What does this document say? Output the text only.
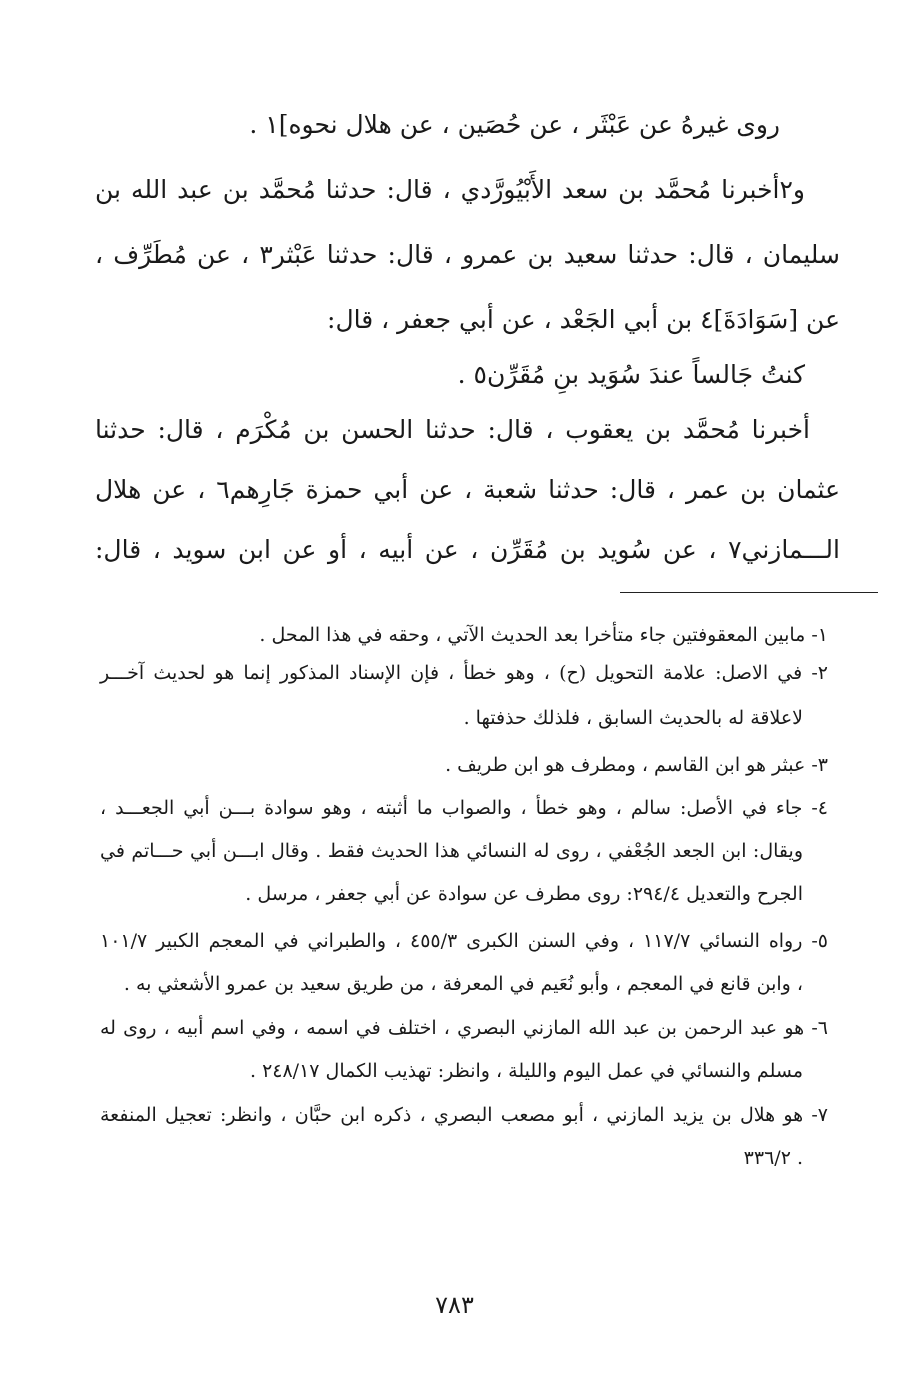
روى غيرهُ عن عَبْثَر ، عن حُصَين ، عن هلال نحوه]١ .
و٢أخبرنا مُحمَّد بن سعد الأَبْيُورَّدي ، قال: حدثنا مُحمَّد بن عبد الله بن
سليمان ، قال: حدثنا سعيد بن عمرو ، قال: حدثنا عَبْثر٣ ، عن مُطَرِّف ،
عن [سَوَادَةَ]٤ بن أبي الجَعْد ، عن أبي جعفر ، قال:
كنتُ جَالساً عندَ سُوَيد بنِ مُقَرِّن٥ .
أخبرنا مُحمَّد بن يعقوب ، قال: حدثنا الحسن بن مُكْرَم ، قال: حدثنا
عثمان بن عمر ، قال: حدثنا شعبة ، عن أبي حمزة جَارِهم٦ ، عن هلال
الـــمازني٧ ، عن سُويد بن مُقَرِّن ، عن أبيه ، أو عن ابن سويد ، قال:
١- مابين المعقوفتين جاء متأخرا بعد الحديث الآتي ، وحقه في هذا المحل .
٢- في الاصل: علامة التحويل (ح) ، وهو خطأ ، فإن الإسناد المذكور إنما هو لحديث آخـــر
لاعلاقة له بالحديث السابق ، فلذلك حذفتها .
٣- عبثر هو ابن القاسم ، ومطرف هو ابن طريف .
٤- جاء في الأصل: سالم ، وهو خطأ ، والصواب ما أثبته ، وهو سوادة بـــن أبي الجعـــد ،
ويقال: ابن الجعد الجُعْفي ، روى له النسائي هذا الحديث فقط . وقال ابـــن أبي حـــاتم في
الجرح والتعديل ٢٩٤/٤: روى مطرف عن سوادة عن أبي جعفر ، مرسل .
٥- رواه النسائي ١١٧/٧ ، وفي السنن الكبرى ٤٥٥/٣ ، والطبراني في المعجم الكبير ١٠١/٧
، وابن قانع في المعجم ، وأبو نُعَيم في المعرفة ، من طريق سعيد بن عمرو الأشعثي به .
٦- هو عبد الرحمن بن عبد الله المازني البصري ، اختلف في اسمه ، وفي اسم أبيه ، روى له
مسلم والنسائي في عمل اليوم والليلة ، وانظر: تهذيب الكمال ٢٤٨/١٧ .
٧- هو هلال بن يزيد المازني ، أبو مصعب البصري ، ذكره ابن حبَّان ، وانظر: تعجيل المنفعة
٣٣٦/٢ .
٧٨٣
